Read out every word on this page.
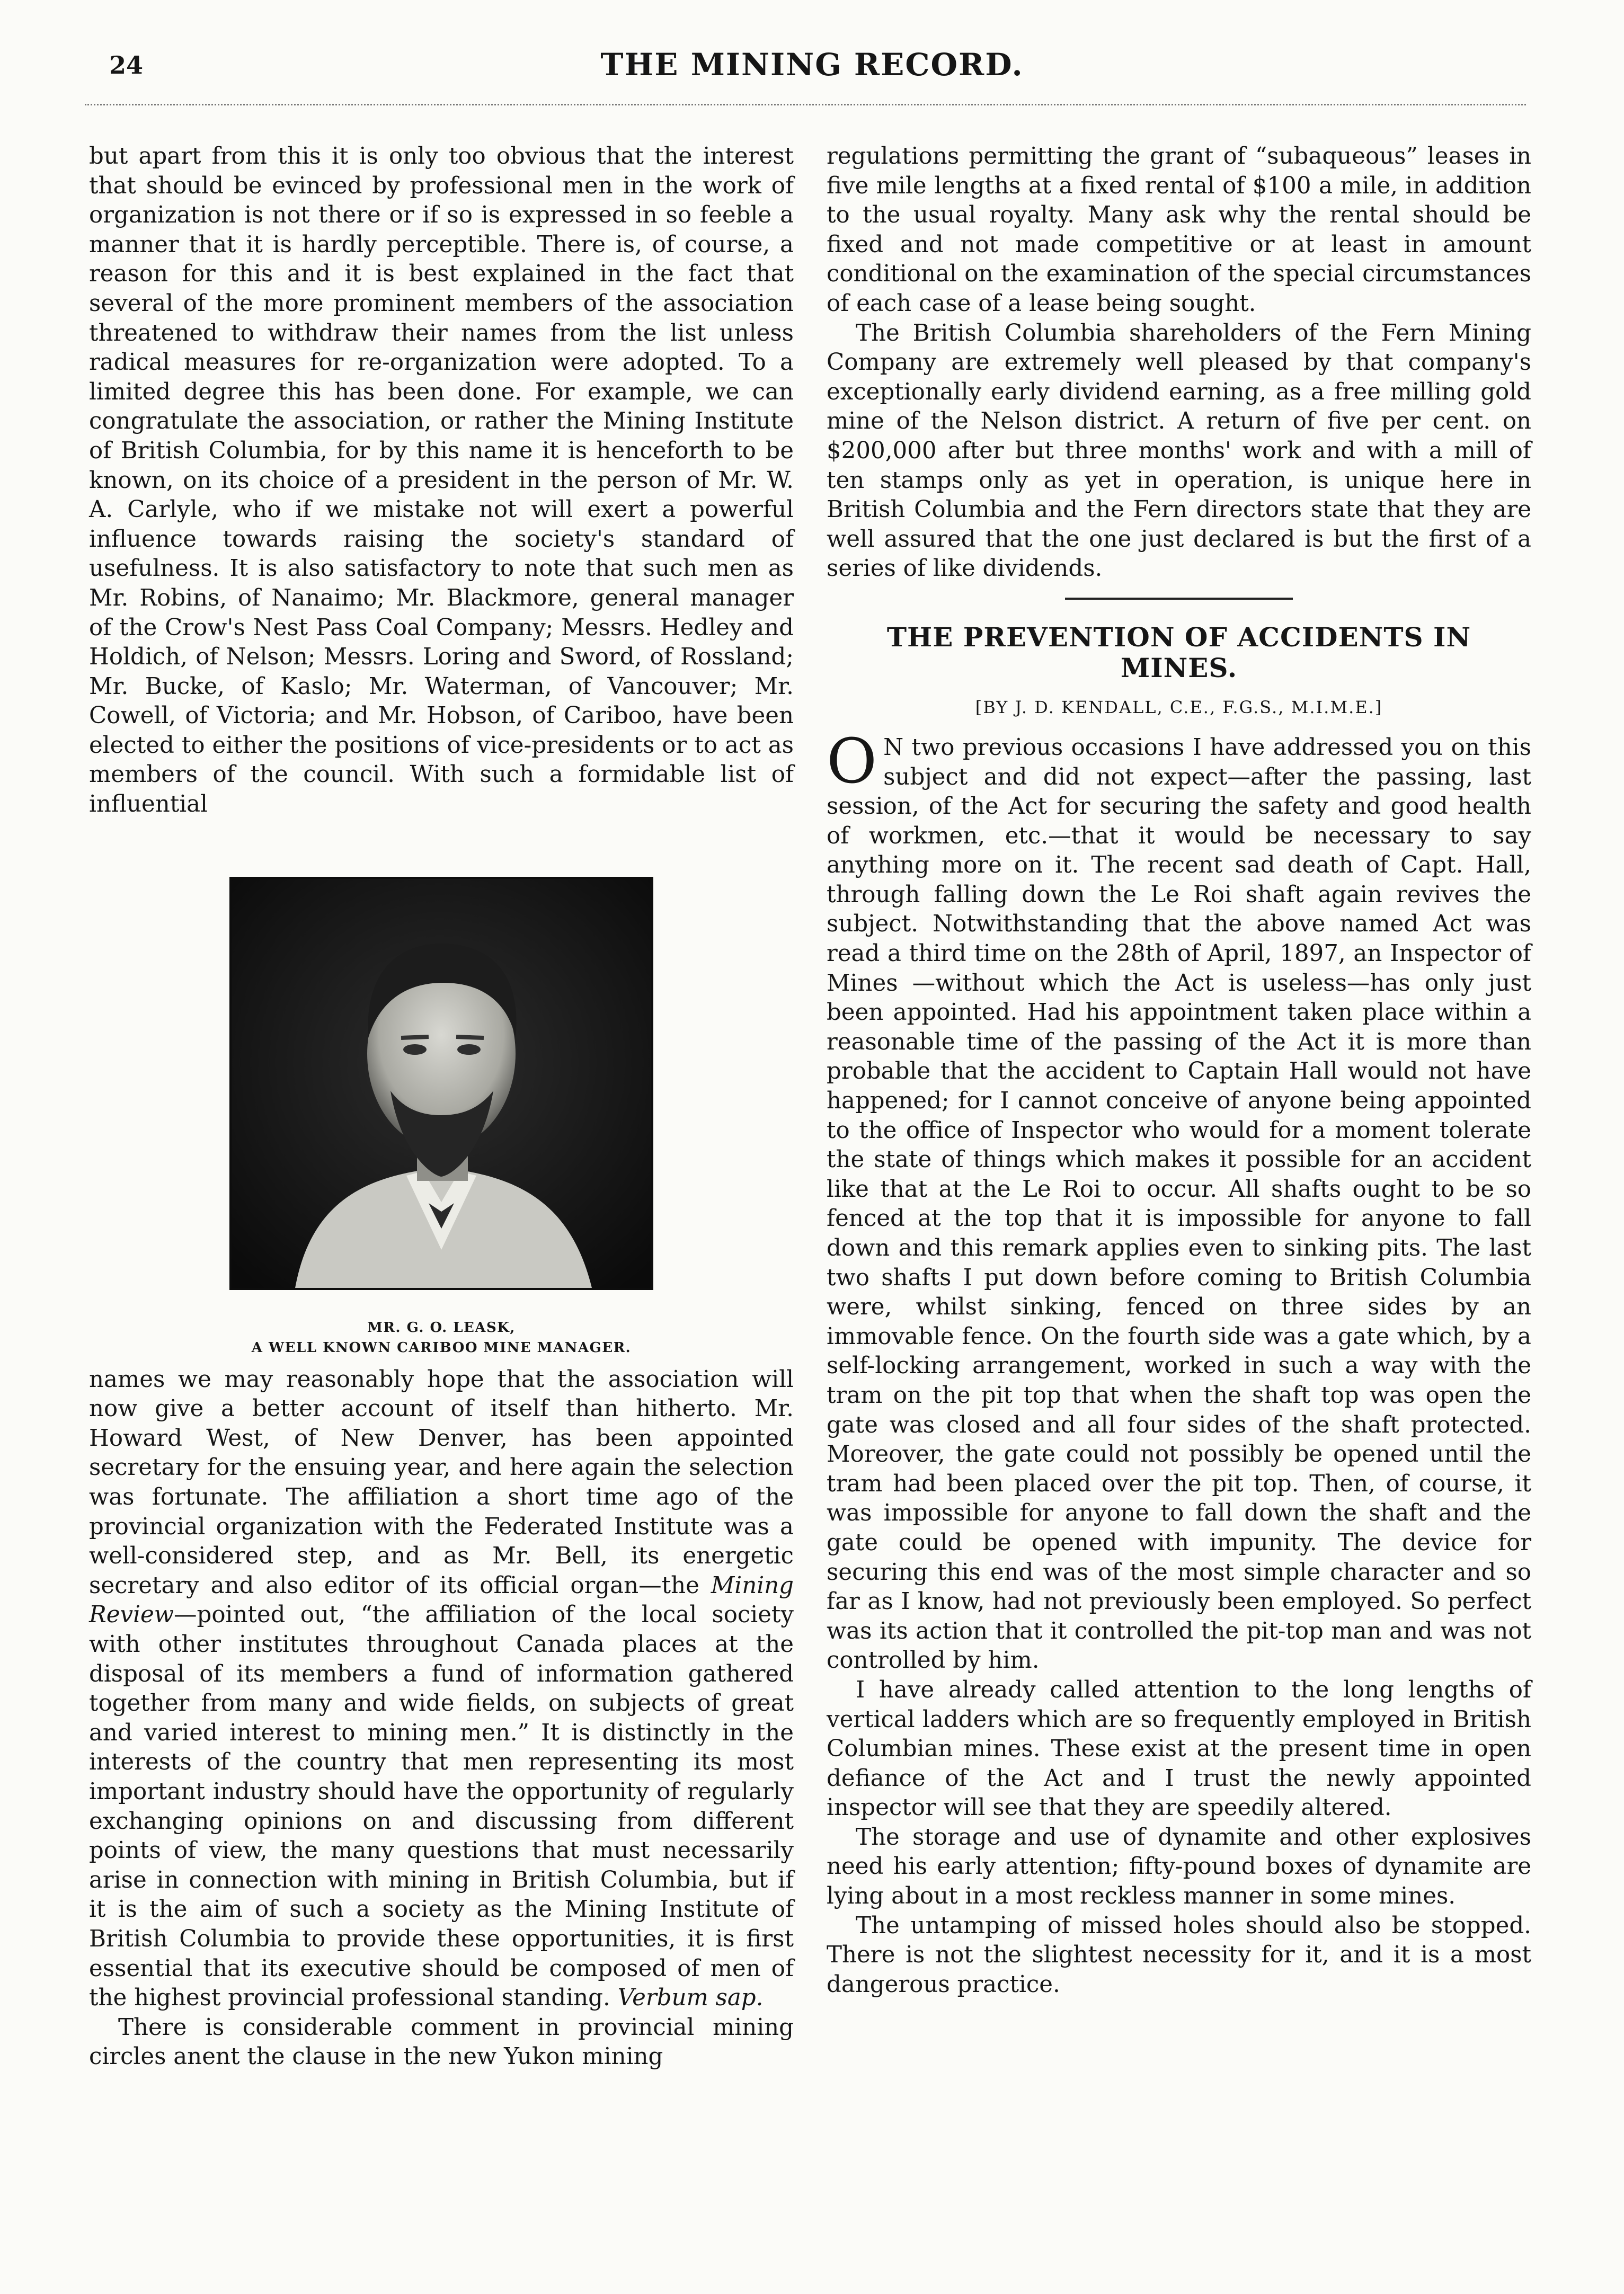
24	THE MINING RECORD.

but apart from this it is only too obvious that the interest that should be evinced by professional men in the work of organization is not there or if so is expressed in so feeble a manner that it is hardly perceptible. There is, of course, a reason for this and it is best explained in the fact that several of the more prominent members of the association threatened to withdraw their names from the list unless radical measures for re-organization were adopted. To a limited degree this has been done. For example, we can congratulate the association, or rather the Mining Institute of British Columbia, for by this name it is henceforth to be known, on its choice of a president in the person of Mr. W. A. Carlyle, who if we mistake not will exert a powerful influence towards raising the society's standard of usefulness. It is also satisfactory to note that such men as Mr. Robins, of Nanaimo; Mr. Blackmore, general manager of the Crow's Nest Pass Coal Company; Messrs. Hedley and Holdich, of Nelson; Messrs. Loring and Sword, of Rossland; Mr. Bucke, of Kaslo; Mr. Waterman, of Vancouver; Mr. Cowell, of Victoria; and Mr. Hobson, of Cariboo, have been elected to either the positions of vice-presidents or to act as members of the council. With such a formidable list of influential

MR. G. O. LEASK,
A WELL KNOWN CARIBOO MINE MANAGER.

names we may reasonably hope that the association will now give a better account of itself than hitherto. Mr. Howard West, of New Denver, has been appointed secretary for the ensuing year, and here again the selection was fortunate. The affiliation a short time ago of the provincial organization with the Federated Institute was a well-considered step, and as Mr. Bell, its energetic secretary and also editor of its official organ—the Mining Review—pointed out, “the affiliation of the local society with other institutes throughout Canada places at the disposal of its members a fund of information gathered together from many and wide fields, on subjects of great and varied interest to mining men.” It is distinctly in the interests of the country that men representing its most important industry should have the opportunity of regularly exchanging opinions on and discussing from different points of view, the many questions that must necessarily arise in connection with mining in British Columbia, but if it is the aim of such a society as the Mining Institute of British Columbia to provide these opportunities, it is first essential that its executive should be composed of men of the highest provincial professional standing. Verbum sap.

There is considerable comment in provincial mining circles anent the clause in the new Yukon mining

regulations permitting the grant of “subaqueous” leases in five mile lengths at a fixed rental of $100 a mile, in addition to the usual royalty. Many ask why the rental should be fixed and not made competitive or at least in amount conditional on the examination of the special circumstances of each case of a lease being sought.

The British Columbia shareholders of the Fern Mining Company are extremely well pleased by that company's exceptionally early dividend earning, as a free milling gold mine of the Nelson district. A return of five per cent. on $200,000 after but three months' work and with a mill of ten stamps only as yet in operation, is unique here in British Columbia and the Fern directors state that they are well assured that the one just declared is but the first of a series of like dividends.

THE PREVENTION OF ACCIDENTS IN MINES.
[BY J. D. KENDALL, C.E., F.G.S., M.I.M.E.]

O N two previous occasions I have addressed you on this subject and did not expect—after the passing, last session, of the Act for securing the safety and good health of workmen, etc.—that it would be necessary to say anything more on it. The recent sad death of Capt. Hall, through falling down the Le Roi shaft again revives the subject. Notwithstanding that the above named Act was read a third time on the 28th of April, 1897, an Inspector of Mines —without which the Act is useless—has only just been appointed. Had his appointment taken place within a reasonable time of the passing of the Act it is more than probable that the accident to Captain Hall would not have happened; for I cannot conceive of anyone being appointed to the office of Inspector who would for a moment tolerate the state of things which makes it possible for an accident like that at the Le Roi to occur. All shafts ought to be so fenced at the top that it is impossible for anyone to fall down and this remark applies even to sinking pits. The last two shafts I put down before coming to British Columbia were, whilst sinking, fenced on three sides by an immovable fence. On the fourth side was a gate which, by a self-locking arrangement, worked in such a way with the tram on the pit top that when the shaft top was open the gate was closed and all four sides of the shaft protected. Moreover, the gate could not possibly be opened until the tram had been placed over the pit top. Then, of course, it was impossible for anyone to fall down the shaft and the gate could be opened with impunity. The device for securing this end was of the most simple character and so far as I know, had not previously been employed. So perfect was its action that it controlled the pit-top man and was not controlled by him.

I have already called attention to the long lengths of vertical ladders which are so frequently employed in British Columbian mines. These exist at the present time in open defiance of the Act and I trust the newly appointed inspector will see that they are speedily altered.

The storage and use of dynamite and other explosives need his early attention; fifty-pound boxes of dynamite are lying about in a most reckless manner in some mines.

The untamping of missed holes should also be stopped. There is not the slightest necessity for it, and it is a most dangerous practice.
